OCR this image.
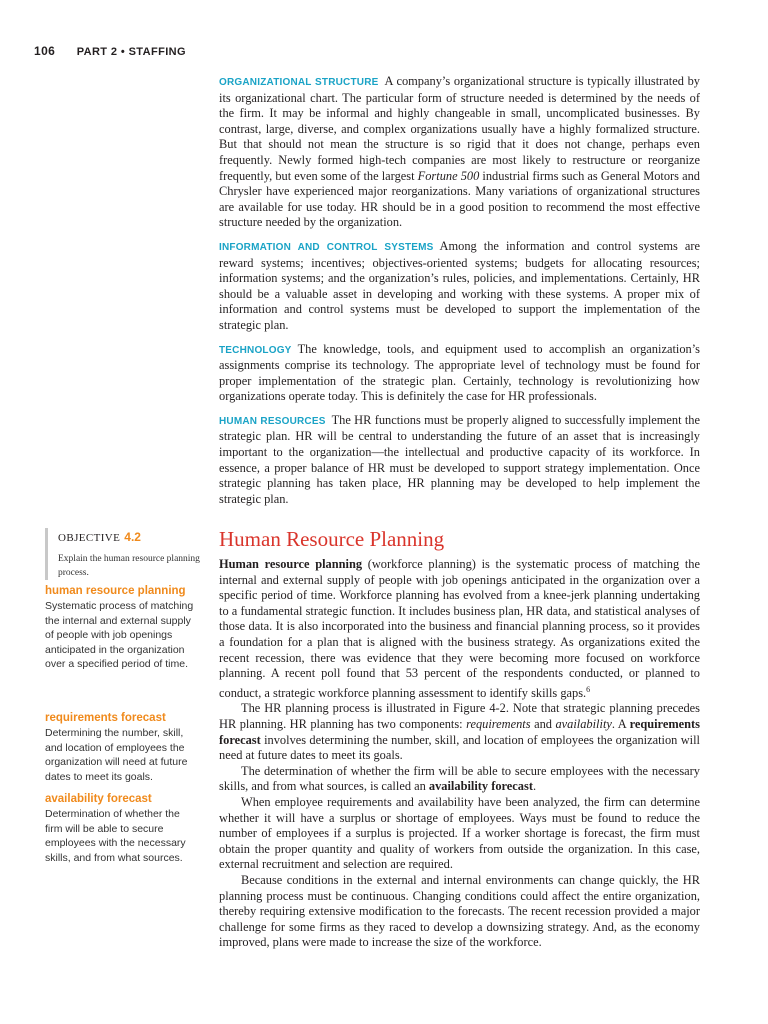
106 PART 2 • STAFFING

ORGANIZATIONAL STRUCTURE A company’s organizational structure is typically illustrated by its organizational chart. The particular form of structure needed is determined by the needs of the firm. It may be informal and highly changeable in small, uncomplicated businesses. By contrast, large, diverse, and complex organizations usually have a highly formalized structure. But that should not mean the structure is so rigid that it does not change, perhaps even frequently. Newly formed high-tech companies are most likely to restructure or reorganize frequently, but even some of the largest Fortune 500 industrial firms such as General Motors and Chrysler have experienced major reorganizations. Many variations of organizational structures are available for use today. HR should be in a good position to recommend the most effective structure needed by the organization.

INFORMATION AND CONTROL SYSTEMS Among the information and control systems are reward systems; incentives; objectives-oriented systems; budgets for allocating resources; information systems; and the organization’s rules, policies, and implementations. Certainly, HR should be a valuable asset in developing and working with these systems. A proper mix of information and control systems must be developed to support the implementation of the strategic plan.

TECHNOLOGY The knowledge, tools, and equipment used to accomplish an organization’s assignments comprise its technology. The appropriate level of technology must be found for proper implementation of the strategic plan. Certainly, technology is revolutionizing how organizations operate today. This is definitely the case for HR professionals.

HUMAN RESOURCES The HR functions must be properly aligned to successfully implement the strategic plan. HR will be central to understanding the future of an asset that is increasingly important to the organization—the intellectual and productive capacity of its workforce. In essence, a proper balance of HR must be developed to support strategy implementation. Once strategic planning has taken place, HR planning may be developed to help implement the strategic plan.

Human Resource Planning

Human resource planning (workforce planning) is the systematic process of matching the internal and external supply of people with job openings anticipated in the organization over a specific period of time. Workforce planning has evolved from a knee-jerk planning undertaking to a fundamental strategic function. It includes business plan, HR data, and statistical analyses of those data. It is also incorporated into the business and financial planning process, so it provides a foundation for a plan that is aligned with the business strategy. As organizations exited the recent recession, there was evidence that they were becoming more focused on workforce planning. A recent poll found that 53 percent of the respondents conducted, or planned to conduct, a strategic workforce planning assessment to identify skills gaps.$^6$

The HR planning process is illustrated in Figure 4-2. Note that strategic planning precedes HR planning. HR planning has two components: requirements and availability. A requirements forecast involves determining the number, skill, and location of employees the organization will need at future dates to meet its goals.

The determination of whether the firm will be able to secure employees with the necessary skills, and from what sources, is called an availability forecast.

When employee requirements and availability have been analyzed, the firm can determine whether it will have a surplus or shortage of employees. Ways must be found to reduce the number of employees if a surplus is projected. If a worker shortage is forecast, the firm must obtain the proper quantity and quality of workers from outside the organization. In this case, external recruitment and selection are required.

Because conditions in the external and internal environments can change quickly, the HR planning process must be continuous. Changing conditions could affect the entire organization, thereby requiring extensive modification to the forecasts. The recent recession provided a major challenge for some firms as they raced to develop a downsizing strategy. And, as the economy improved, plans were made to increase the size of the workforce.

OBJECTIVE 4.2
Explain the human resource planning process.
human resource planning
Systematic process of matching the internal and external supply of people with job openings anticipated in the organization over a specified period of time.
requirements forecast
Determining the number, skill, and location of employees the organization will need at future dates to meet its goals.
availability forecast
Determination of whether the firm will be able to secure employees with the necessary skills, and from what sources.
